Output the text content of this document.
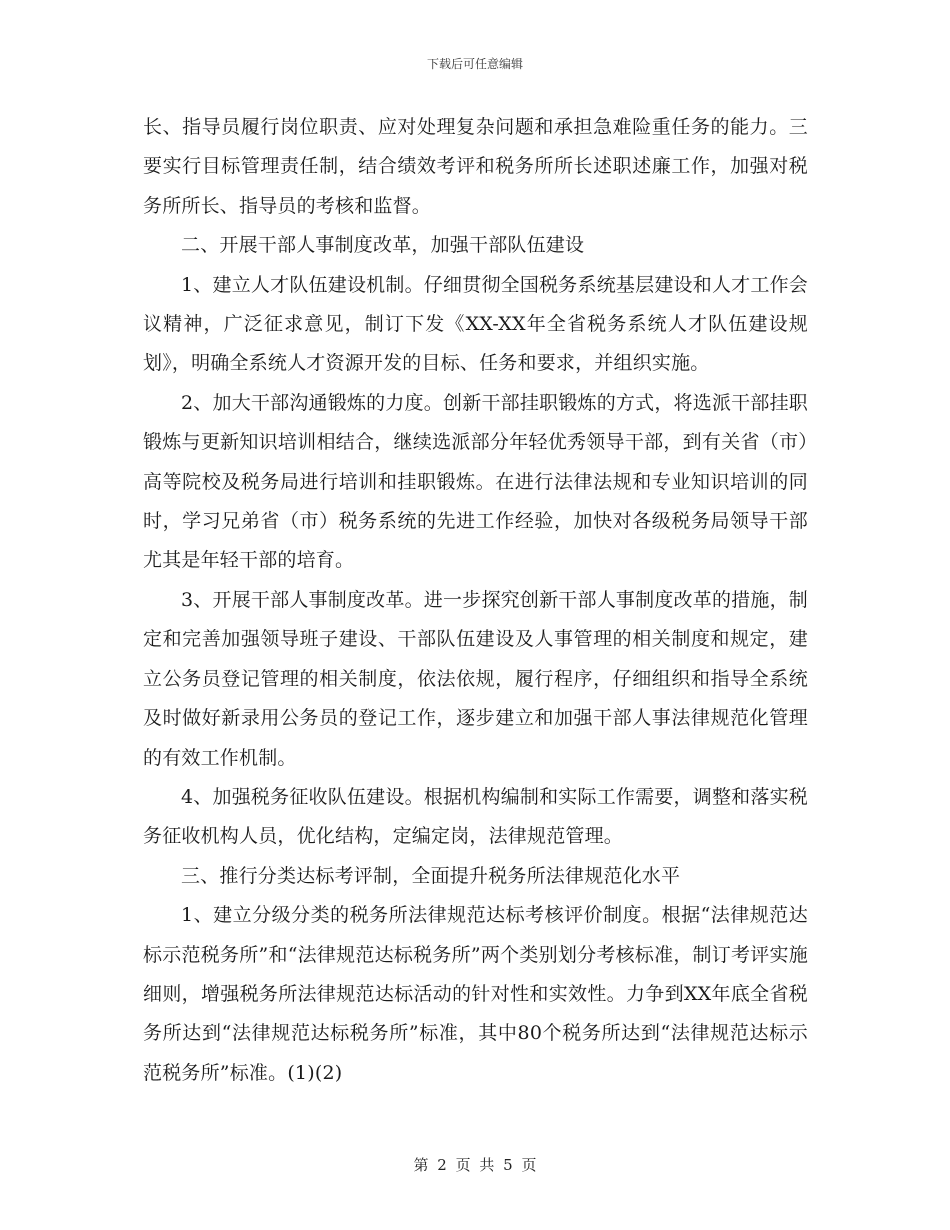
下载后可任意编辑

长、指导员履行岗位职责、应对处理复杂问题和承担急难险重任务的能力。三要实行目标管理责任制，结合绩效考评和税务所所长述职述廉工作，加强对税务所所长、指导员的考核和监督。

二、开展干部人事制度改革，加强干部队伍建设

1、建立人才队伍建设机制。仔细贯彻全国税务系统基层建设和人才工作会议精神，广泛征求意见，制订下发《XX-XX年全省税务系统人才队伍建设规划》，明确全系统人才资源开发的目标、任务和要求，并组织实施。

2、加大干部沟通锻炼的力度。创新干部挂职锻炼的方式，将选派干部挂职锻炼与更新知识培训相结合，继续选派部分年轻优秀领导干部，到有关省（市）高等院校及税务局进行培训和挂职锻炼。在进行法律法规和专业知识培训的同时，学习兄弟省（市）税务系统的先进工作经验，加快对各级税务局领导干部尤其是年轻干部的培育。

3、开展干部人事制度改革。进一步探究创新干部人事制度改革的措施，制定和完善加强领导班子建设、干部队伍建设及人事管理的相关制度和规定，建立公务员登记管理的相关制度，依法依规，履行程序，仔细组织和指导全系统及时做好新录用公务员的登记工作，逐步建立和加强干部人事法律规范化管理的有效工作机制。

4、加强税务征收队伍建设。根据机构编制和实际工作需要，调整和落实税务征收机构人员，优化结构，定编定岗，法律规范管理。

三、推行分类达标考评制，全面提升税务所法律规范化水平

1、建立分级分类的税务所法律规范达标考核评价制度。根据“法律规范达标示范税务所”和“法律规范达标税务所”两个类别划分考核标准，制订考评实施细则，增强税务所法律规范达标活动的针对性和实效性。力争到XX年底全省税务所达到“法律规范达标税务所”标准，其中80个税务所达到“法律规范达标示范税务所”标准。(1)(2)

第 2 页 共 5 页
